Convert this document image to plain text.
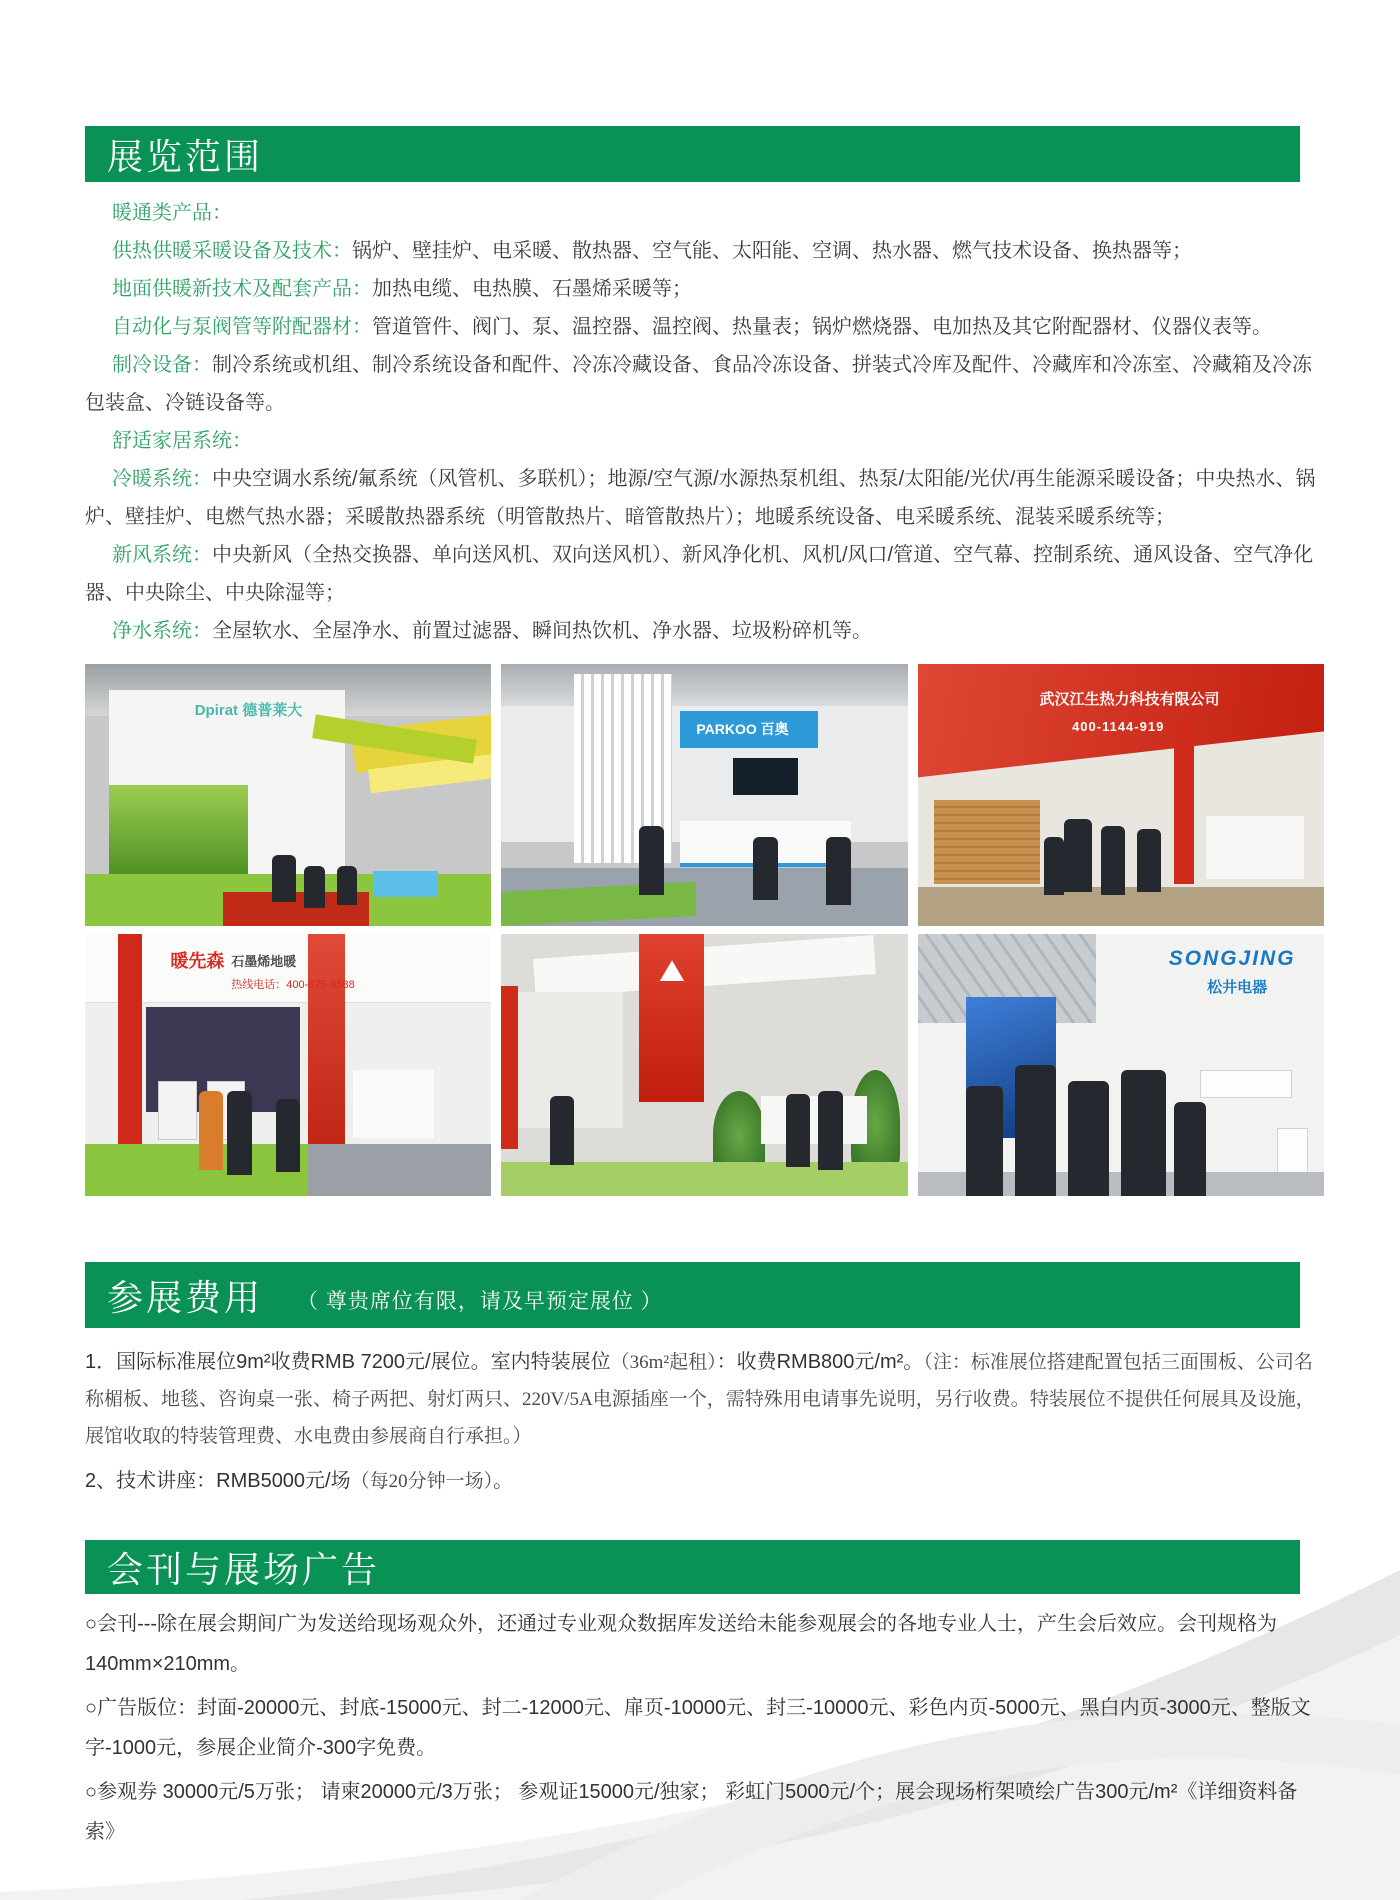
展览范围

暖通类产品：

供热供暖采暖设备及技术：锅炉、壁挂炉、电采暖、散热器、空气能、太阳能、空调、热水器、燃气技术设备、换热器等；

地面供暖新技术及配套产品：加热电缆、电热膜、石墨烯采暖等；

自动化与泵阀管等附配器材：管道管件、阀门、泵、温控器、温控阀、热量表；锅炉燃烧器、电加热及其它附配器材、仪器仪表等。

制冷设备：制冷系统或机组、制冷系统设备和配件、冷冻冷藏设备、食品冷冻设备、拼装式冷库及配件、冷藏库和冷冻室、冷藏箱及冷冻包装盒、冷链设备等。

舒适家居系统：

冷暖系统：中央空调水系统/氟系统（风管机、多联机）；地源/空气源/水源热泵机组、热泵/太阳能/光伏/再生能源采暖设备；中央热水、锅炉、壁挂炉、电燃气热水器；采暖散热器系统（明管散热片、暗管散热片）；地暖系统设备、电采暖系统、混装采暖系统等；

新风系统：中央新风（全热交换器、单向送风机、双向送风机）、新风净化机、风机/风口/管道、空气幕、控制系统、通风设备、空气净化器、中央除尘、中央除湿等；

净水系统：全屋软水、全屋净水、前置过滤器、瞬间热饮机、净水器、垃圾粉碎机等。

Dpirat 德普莱大
PARKOO 百奥
武汉江生热力科技有限公司
400-1144-919
暖先森 石墨烯地暖
热线电话：400-675-9588
SONGJING
松井电器
参展费用 （ 尊贵席位有限，请及早预定展位 ）

1．国际标准展位9m²收费RMB 7200元/展位。室内特装展位（36m²起租）：收费RMB800元/m²。（注：标准展位搭建配置包括三面围板、公司名称楣板、地毯、咨询桌一张、椅子两把、射灯两只、220V/5A电源插座一个，需特殊用电请事先说明，另行收费。特装展位不提供任何展具及设施，展馆收取的特装管理费、水电费由参展商自行承担。）

2、技术讲座：RMB5000元/场（每20分钟一场）。

会刊与展场广告

○会刊---除在展会期间广为发送给现场观众外，还通过专业观众数据库发送给未能参观展会的各地专业人士，产生会后效应。会刊规格为140mm×210mm。

○广告版位：封面-20000元、封底-15000元、封二-12000元、扉页-10000元、封三-10000元、彩色内页-5000元、黑白内页-3000元、整版文字-1000元，参展企业简介-300字免费。

○参观券 30000元/5万张； 请柬20000元/3万张； 参观证15000元/独家； 彩虹门5000元/个；展会现场桁架喷绘广告300元/m²《详细资料备索》
